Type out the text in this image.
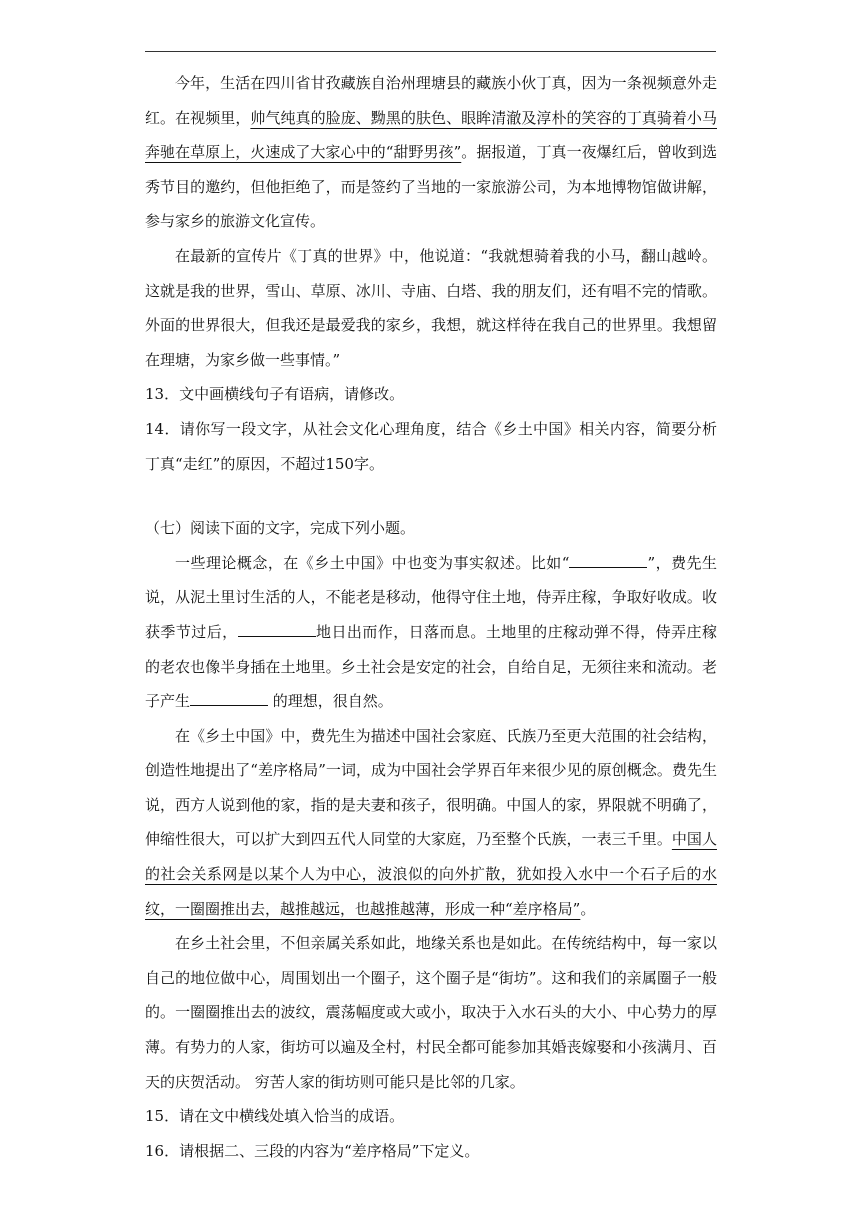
今年，生活在四川省甘孜藏族自治州理塘县的藏族小伙丁真，因为一条视频意外走红。在视频里，帅气纯真的脸庞、黝黑的肤色、眼眸清澈及淳朴的笑容的丁真骑着小马奔驰在草原上，火速成了大家心中的“甜野男孩”。据报道，丁真一夜爆红后，曾收到选秀节目的邀约，但他拒绝了，而是签约了当地的一家旅游公司，为本地博物馆做讲解，参与家乡的旅游文化宣传。

在最新的宣传片《丁真的世界》中，他说道：“我就想骑着我的小马，翻山越岭。这就是我的世界，雪山、草原、冰川、寺庙、白塔、我的朋友们，还有唱不完的情歌。外面的世界很大，但我还是最爱我的家乡，我想，就这样待在我自己的世界里。我想留在理塘，为家乡做一些事情。”

13．文中画横线句子有语病，请修改。

14．请你写一段文字，从社会文化心理角度，结合《乡土中国》相关内容，简要分析丁真“走红”的原因，不超过150字。

（七）阅读下面的文字，完成下列小题。

一些理论概念，在《乡土中国》中也变为事实叙述。比如“	”，费先生说，从泥土里讨生活的人，不能老是移动，他得守住土地，侍弄庄稼，争取好收成。收获季节过后，	地日出而作，日落而息。土地里的庄稼动弹不得，侍弄庄稼的老农也像半身插在土地里。乡土社会是安定的社会，自给自足，无须往来和流动。老子产生	的理想，很自然。

在《乡土中国》中，费先生为描述中国社会家庭、氏族乃至更大范围的社会结构，创造性地提出了“差序格局”一词，成为中国社会学界百年来很少见的原创概念。费先生说，西方人说到他的家，指的是夫妻和孩子，很明确。中国人的家，界限就不明确了，伸缩性很大，可以扩大到四五代人同堂的大家庭，乃至整个氏族，一表三千里。中国人的社会关系网是以某个人为中心，波浪似的向外扩散，犹如投入水中一个石子后的水纹，一圈圈推出去，越推越远，也越推越薄，形成一种“差序格局”。

在乡土社会里，不但亲属关系如此，地缘关系也是如此。在传统结构中，每一家以自己的地位做中心，周围划出一个圈子，这个圈子是“街坊”。这和我们的亲属圈子一般的。一圈圈推出去的波纹，震荡幅度或大或小，取决于入水石头的大小、中心势力的厚薄。有势力的人家，街坊可以遍及全村，村民全都可能参加其婚丧嫁娶和小孩满月、百天的庆贺活动。 穷苦人家的街坊则可能只是比邻的几家。

15．请在文中横线处填入恰当的成语。

16．请根据二、三段的内容为“差序格局”下定义。
